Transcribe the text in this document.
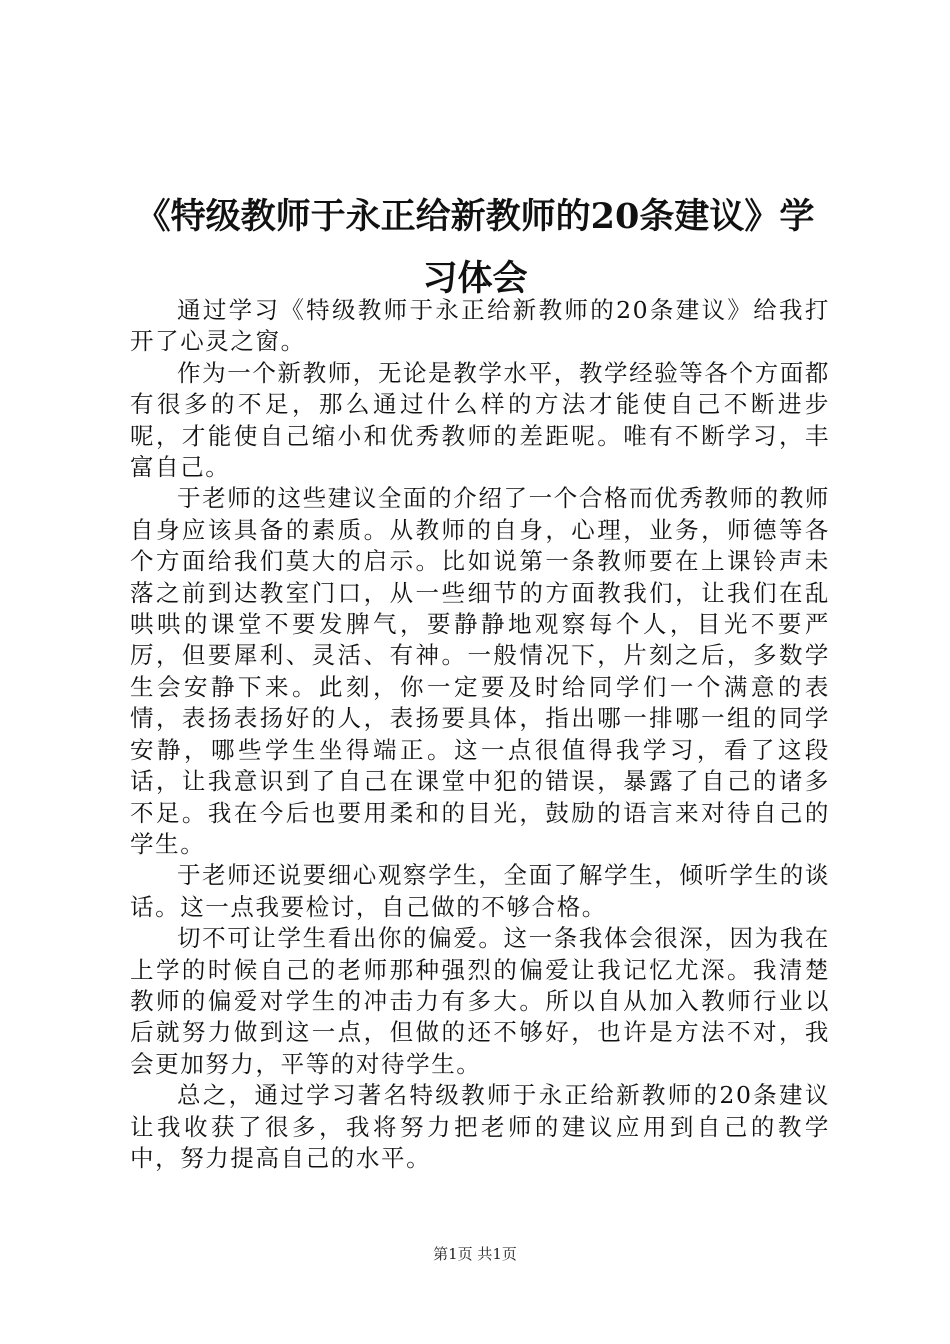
《特级教师于永正给新教师的20条建议》学习体会

通过学习《特级教师于永正给新教师的20条建议》给我打开了心灵之窗。

作为一个新教师，无论是教学水平，教学经验等各个方面都有很多的不足，那么通过什么样的方法才能使自己不断进步呢，才能使自己缩小和优秀教师的差距呢。唯有不断学习，丰富自己。

于老师的这些建议全面的介绍了一个合格而优秀教师的教师自身应该具备的素质。从教师的自身，心理，业务，师德等各个方面给我们莫大的启示。比如说第一条教师要在上课铃声未落之前到达教室门口，从一些细节的方面教我们，让我们在乱哄哄的课堂不要发脾气，要静静地观察每个人，目光不要严厉，但要犀利、灵活、有神。一般情况下，片刻之后，多数学生会安静下来。此刻，你一定要及时给同学们一个满意的表情，表扬表扬好的人，表扬要具体，指出哪一排哪一组的同学安静，哪些学生坐得端正。这一点很值得我学习，看了这段话，让我意识到了自己在课堂中犯的错误，暴露了自己的诸多不足。我在今后也要用柔和的目光，鼓励的语言来对待自己的学生。

于老师还说要细心观察学生，全面了解学生，倾听学生的谈话。这一点我要检讨，自己做的不够合格。

切不可让学生看出你的偏爱。这一条我体会很深，因为我在上学的时候自己的老师那种强烈的偏爱让我记忆尤深。我清楚教师的偏爱对学生的冲击力有多大。所以自从加入教师行业以后就努力做到这一点，但做的还不够好，也许是方法不对，我会更加努力，平等的对待学生。

总之，通过学习著名特级教师于永正给新教师的20条建议让我收获了很多，我将努力把老师的建议应用到自己的教学中，努力提高自己的水平。

第1页 共1页
